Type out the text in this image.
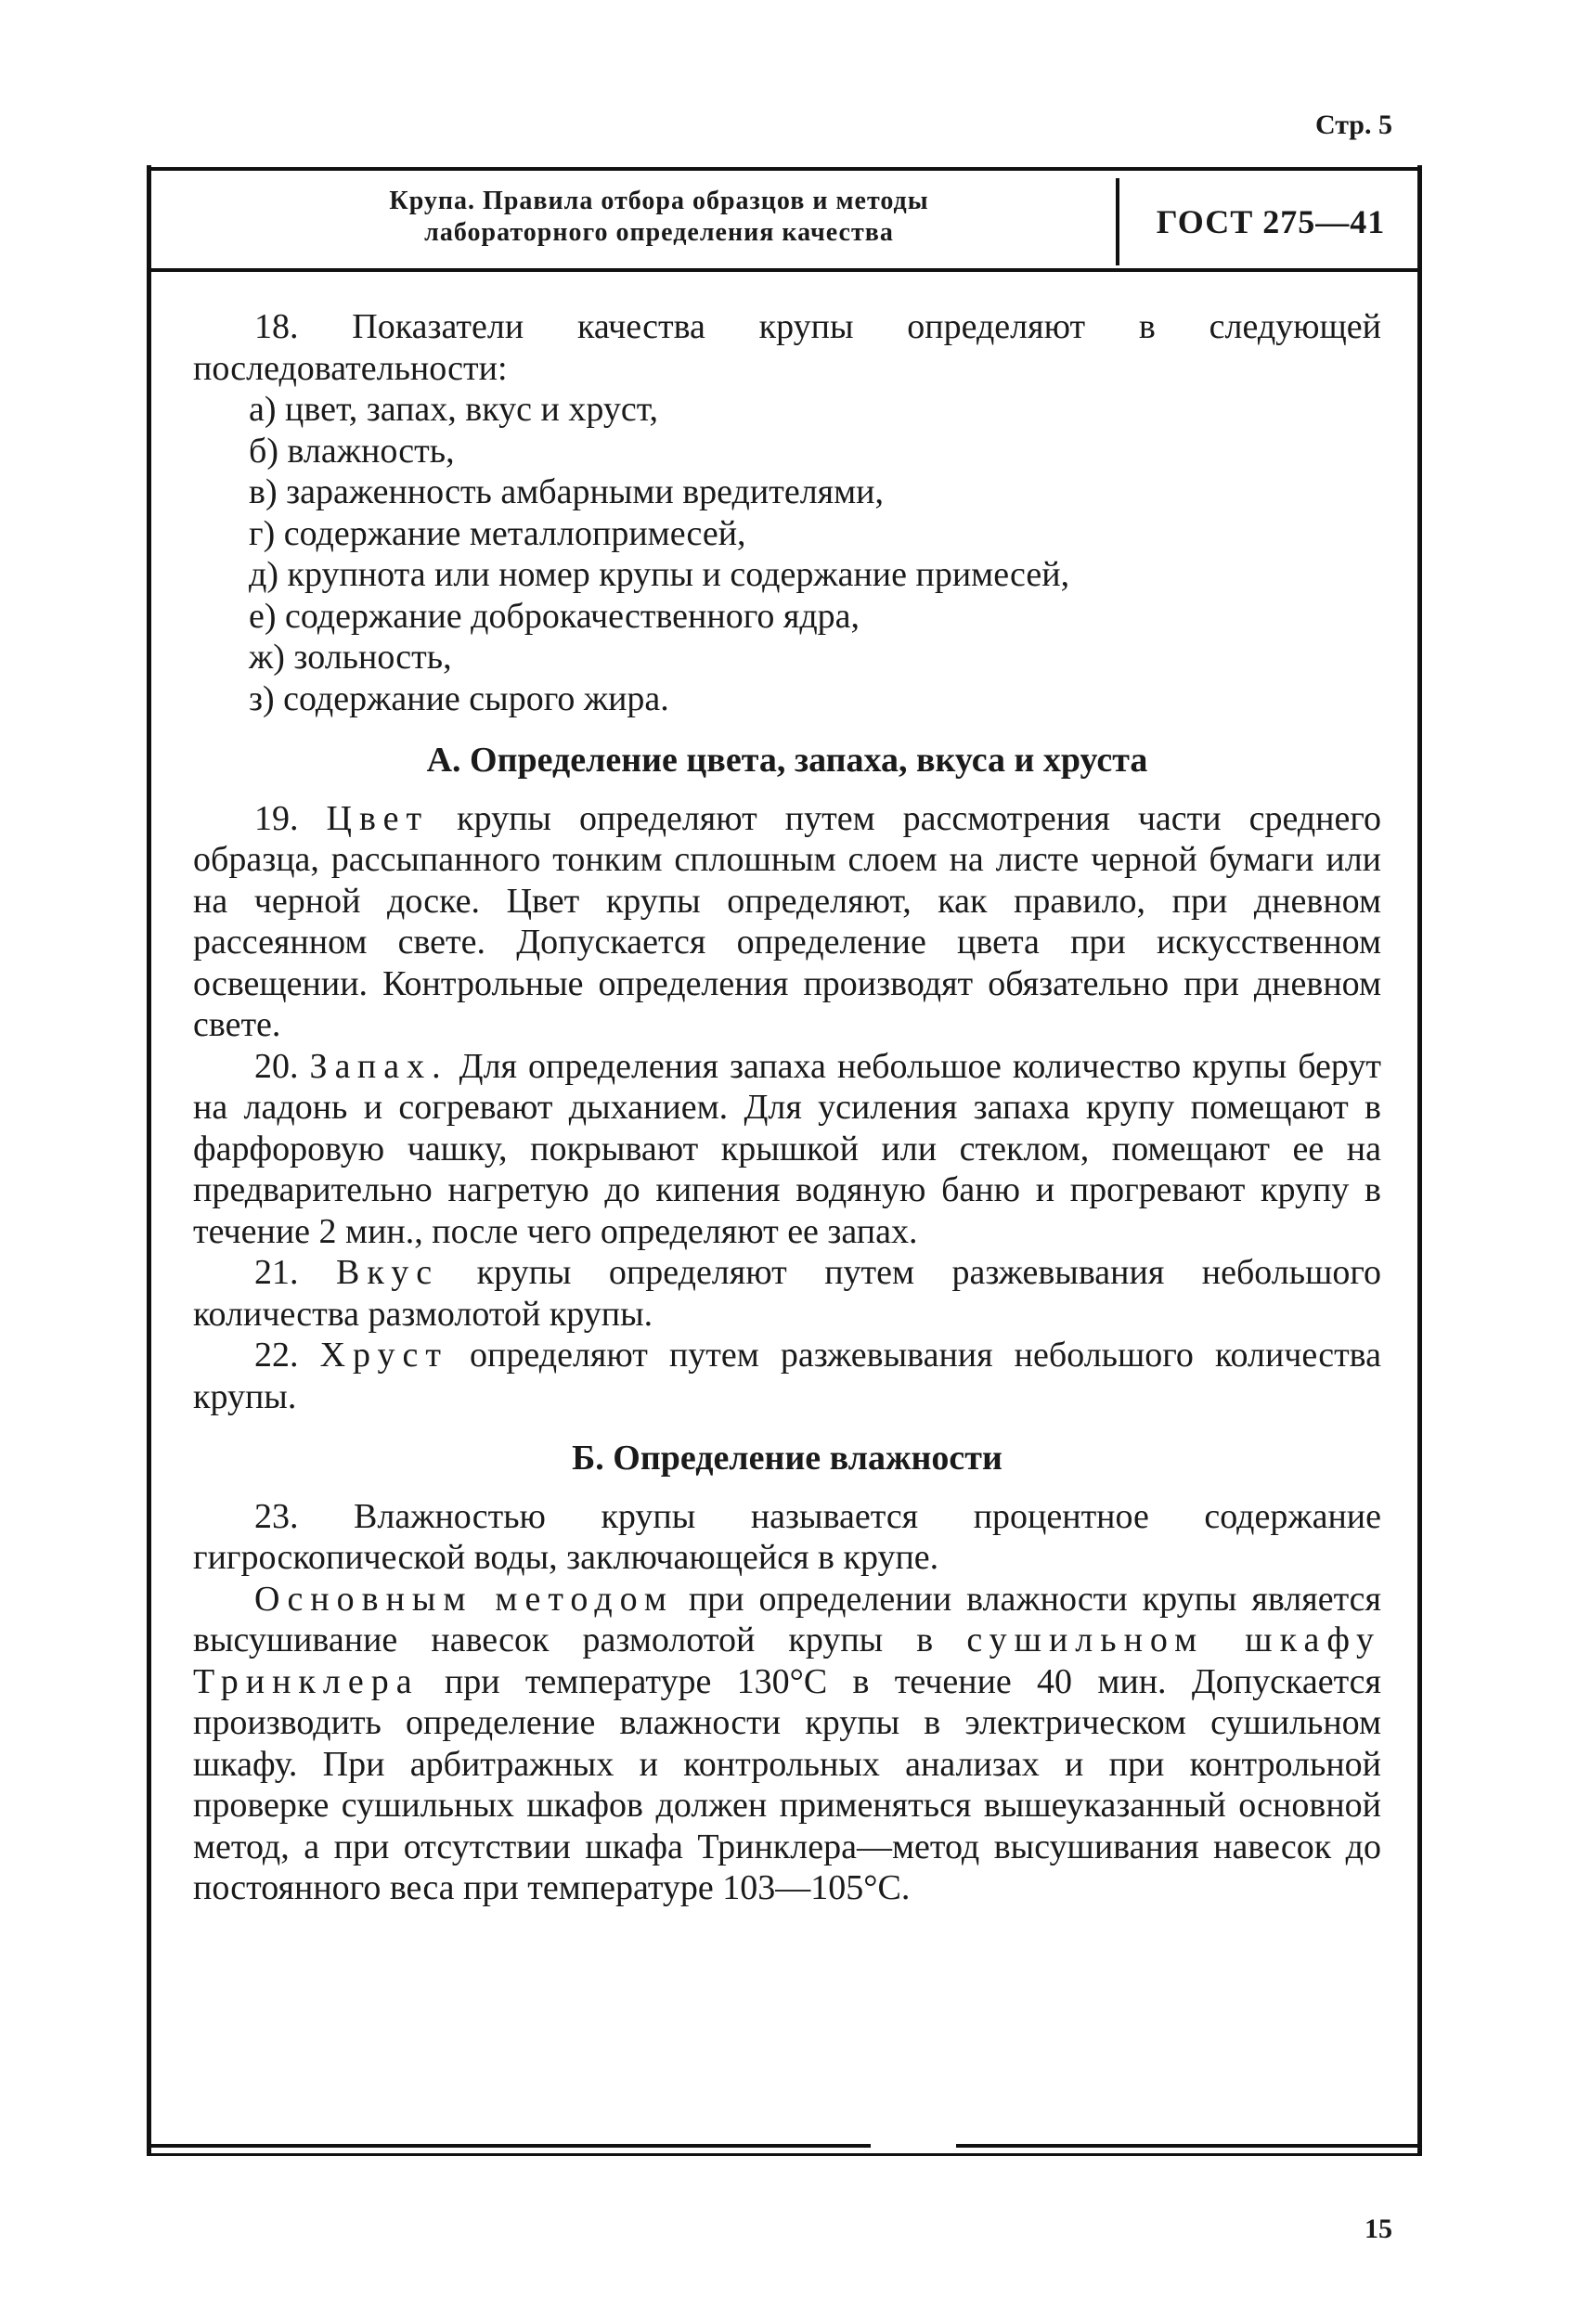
Стр. 5
Крупа. Правила отбора образцов и методы
лабораторного определения качества	ГОСТ 275—41

18. Показатели качества крупы определяют в следующей последовательности:

а) цвет, запах, вкус и хруст,
б) влажность,
в) зараженность амбарными вредителями,
г) содержание металлопримесей,
д) крупнота или номер крупы и содержание примесей,
е) содержание доброкачественного ядра,
ж) зольность,
з) содержание сырого жира.
А. Определение цвета, запаха, вкуса и хруста

19. Цвет крупы определяют путем рассмотрения части среднего образца, рассыпанного тонким сплошным слоем на листе черной бумаги или на черной доске. Цвет крупы определяют, как правило, при дневном рассеянном свете. Допускается определение цвета при искусственном освещении. Контрольные определения производят обязательно при дневном свете.

20. Запах. Для определения запаха небольшое количество крупы берут на ладонь и согревают дыханием. Для усиления запаха крупу помещают в фарфоровую чашку, покрывают крышкой или стеклом, помещают ее на предварительно нагретую до кипения водяную баню и прогревают крупу в течение 2 мин., после чего определяют ее запах.

21. Вкус крупы определяют путем разжевывания небольшого количества размолотой крупы.

22. Хруст определяют путем разжевывания небольшого количества крупы.

Б. Определение влажности

23. Влажностью крупы называется процентное содержание гигроскопической воды, заключающейся в крупе.

Основным методом при определении влажности крупы является высушивание навесок размолотой крупы в сушильном шкафу Тринклера при температуре 130°С в течение 40 мин. Допускается производить определение влажности крупы в электрическом сушильном шкафу. При арбитражных и контрольных анализах и при контрольной проверке сушильных шкафов должен применяться вышеуказанный основной метод, а при отсутствии шкафа Тринклера—метод высушивания навесок до постоянного веса при температуре 103—105°С.

15
